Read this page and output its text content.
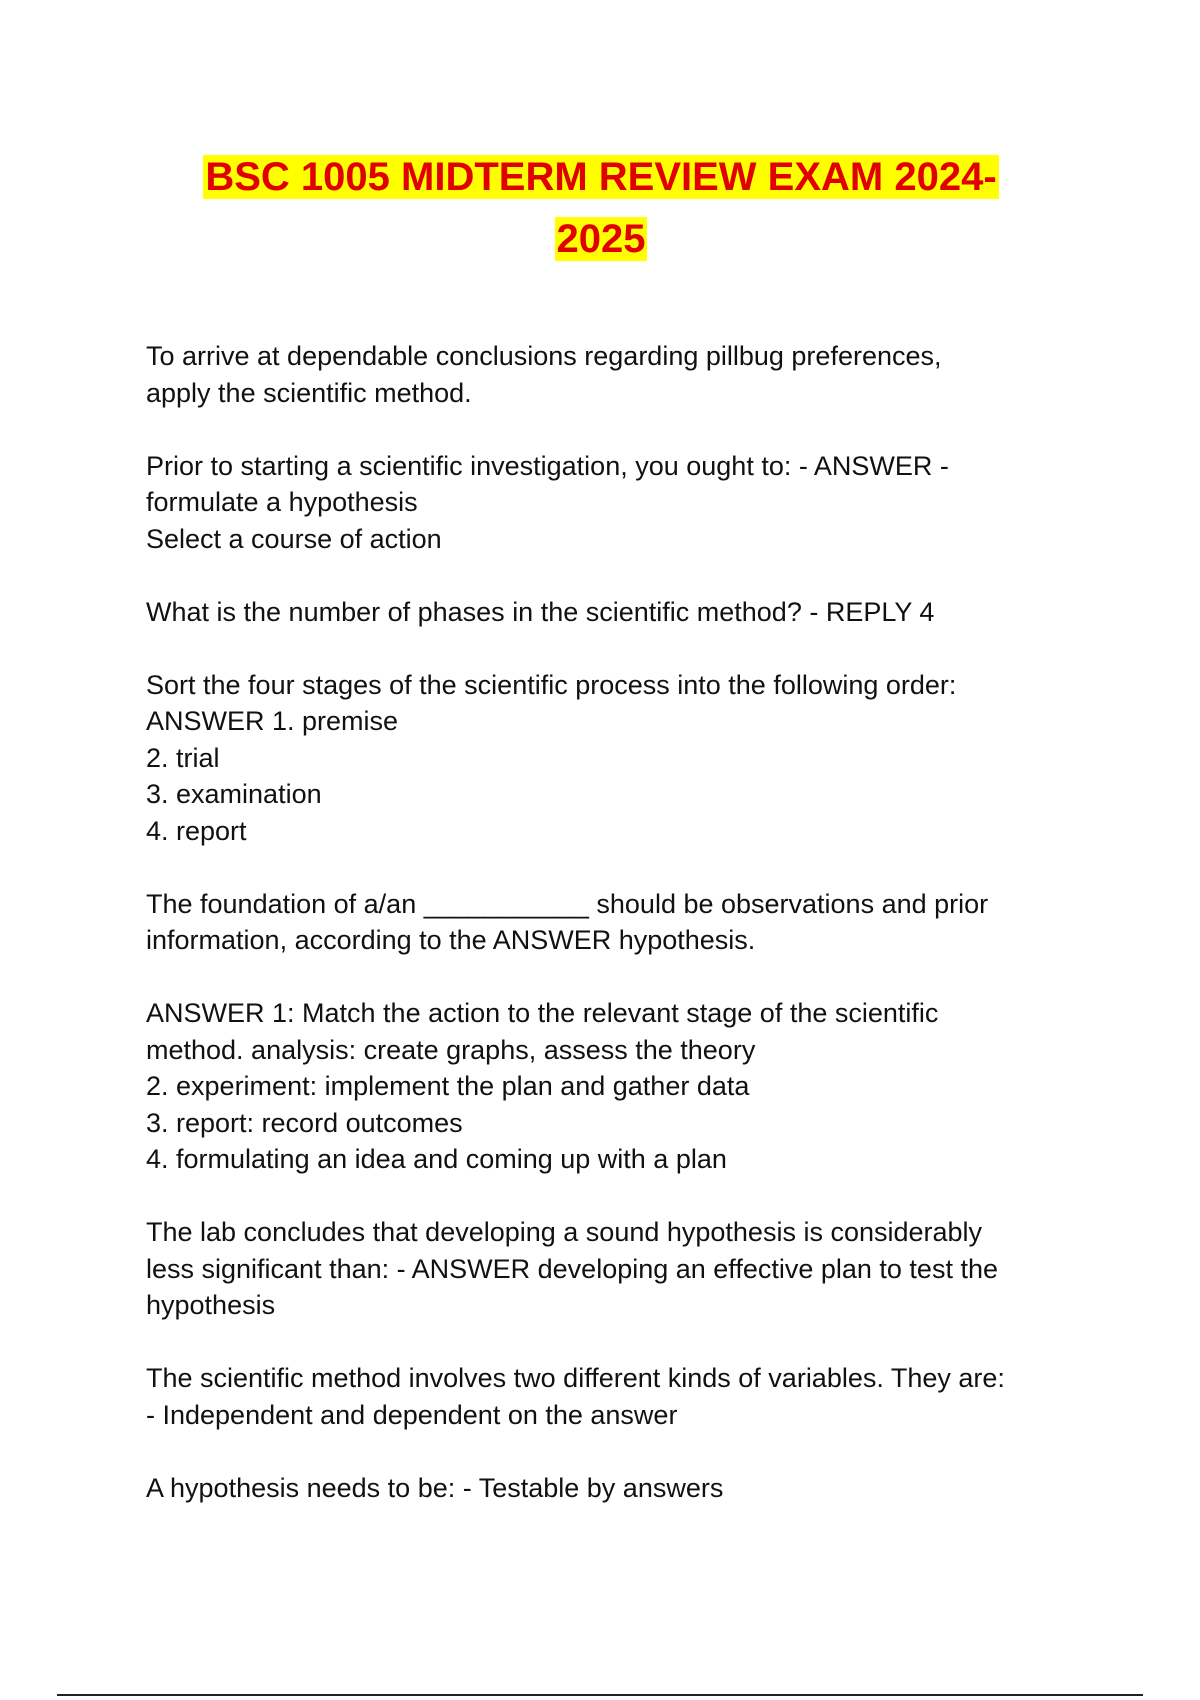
BSC 1005 MIDTERM REVIEW EXAM 2024-
2025
To arrive at dependable conclusions regarding pillbug preferences,
apply the scientific method.
Prior to starting a scientific investigation, you ought to: - ANSWER -
formulate a hypothesis
Select a course of action
What is the number of phases in the scientific method? - REPLY 4
Sort the four stages of the scientific process into the following order:
ANSWER 1. premise
2. trial
3. examination
4. report
The foundation of a/an ___________ should be observations and prior
information, according to the ANSWER hypothesis.
ANSWER 1: Match the action to the relevant stage of the scientific
method. analysis: create graphs, assess the theory
2. experiment: implement the plan and gather data
3. report: record outcomes
4. formulating an idea and coming up with a plan
The lab concludes that developing a sound hypothesis is considerably
less significant than: - ANSWER developing an effective plan to test the
hypothesis
The scientific method involves two different kinds of variables. They are:
- Independent and dependent on the answer
A hypothesis needs to be: - Testable by answers
